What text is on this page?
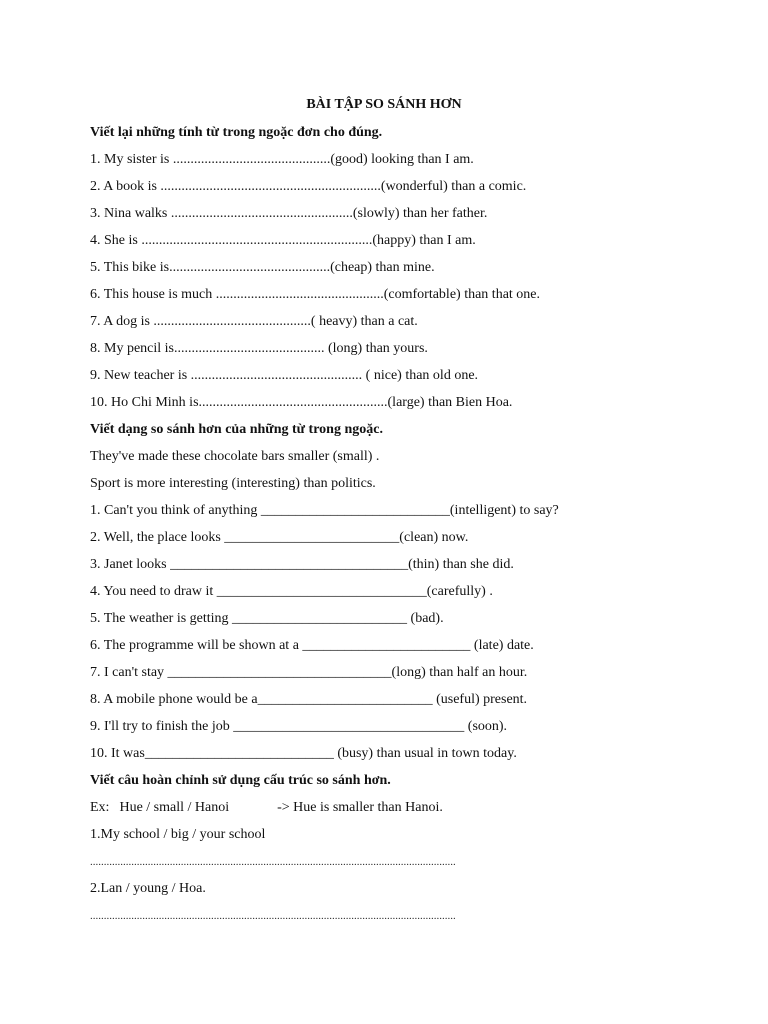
BÀI TẬP SO SÁNH HƠN
Viết lại những tính từ trong ngoặc đơn cho đúng.
1. My sister is .............................................(good) looking than I am.
2. A book is ...............................................................(wonderful) than a comic.
3. Nina walks ....................................................(slowly) than her father.
4. She is ..................................................................(happy) than I am.
5. This bike is..............................................(cheap) than mine.
6. This house is much ................................................(comfortable) than that one.
7. A dog is .............................................( heavy) than a cat.
8. My pencil is........................................... (long) than yours.
9. New teacher is ................................................. ( nice) than old one.
10. Ho Chi Minh is......................................................(large) than Bien Hoa.
Viết dạng so sánh hơn của những từ trong ngoặc.
They've made these chocolate bars smaller (small) .
Sport is more interesting (interesting) than politics.
1. Can't you think of anything ___________________________(intelligent) to say?
2. Well, the place looks _________________________(clean) now.
3. Janet looks __________________________________(thin) than she did.
4. You need to draw it ______________________________(carefully) .
5. The weather is getting _________________________ (bad).
6. The programme will be shown at a ________________________ (late) date.
7. I can't stay ________________________________(long) than half an hour.
8. A mobile phone would be a_________________________ (useful) present.
9. I'll try to finish the job _________________________________ (soon).
10. It was___________________________ (busy) than usual in town today.
Viết câu hoàn chỉnh sử dụng cấu trúc so sánh hơn.
Ex: Hue / small / Hanoi	-> Hue is smaller than Hanoi.
1.My school / big / your school
.....................................................................................................................................
2.Lan / young / Hoa.
.....................................................................................................................................
